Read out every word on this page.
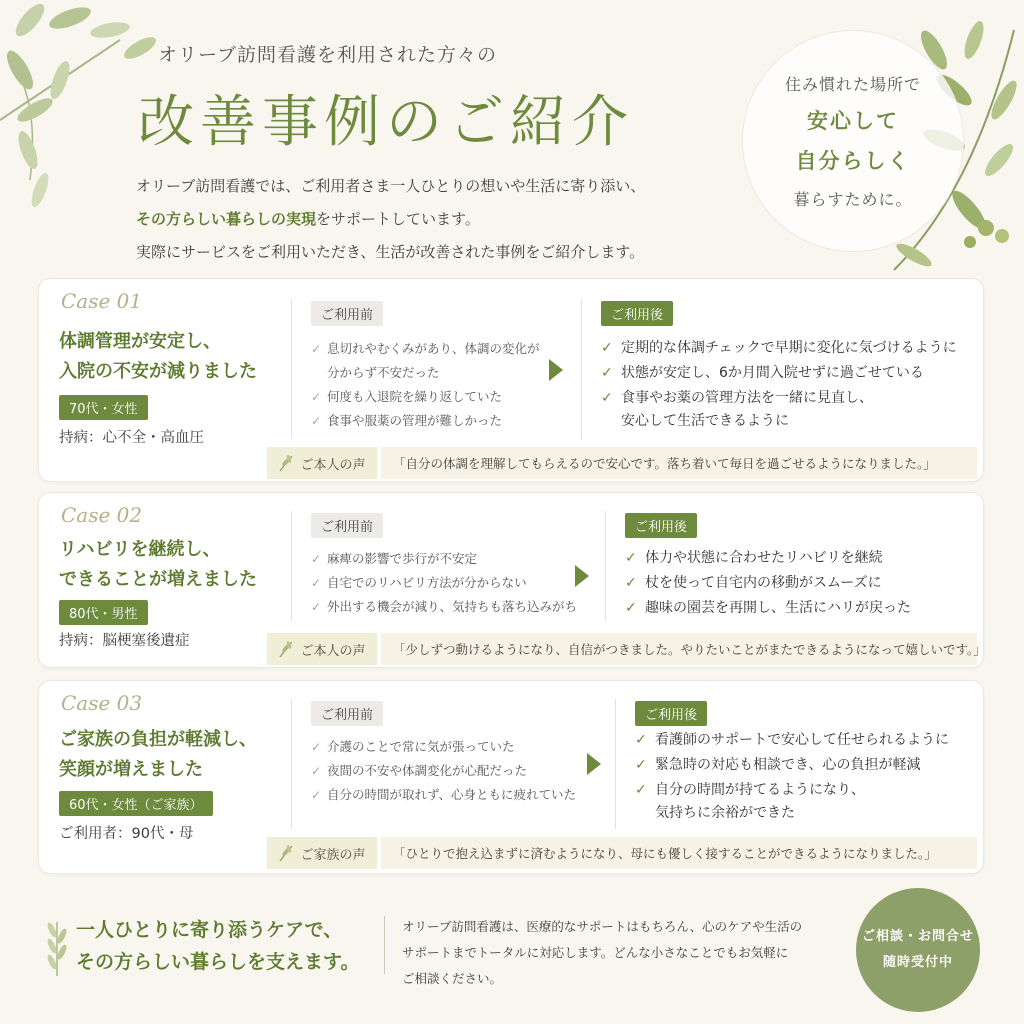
オリーブ訪問看護を利用された方々の
改善事例のご紹介
オリーブ訪問看護では、ご利用者さま一人ひとりの想いや生活に寄り添い、
その方らしい暮らしの実現をサポートしています。
実際にサービスをご利用いただき、生活が改善された事例をご紹介します。
住み慣れた場所で
安心して
自分らしく
暮らすために。
Case 01
体調管理が安定し、
入院の不安が減りました
70代・女性
持病：心不全・高血圧
ご利用前
✓ 息切れやむくみがあり、体調の変化が
分からず不安だった
✓ 何度も入退院を繰り返していた
✓ 食事や服薬の管理が難しかった
ご利用後
✓ 定期的な体調チェックで早期に変化に気づけるように
✓ 状態が安定し、6か月間入院せずに過ごせている
✓ 食事やお薬の管理方法を一緒に見直し、
安心して生活できるように
ご本人の声	「自分の体調を理解してもらえるので安心です。落ち着いて毎日を過ごせるようになりました。」
Case 02
リハビリを継続し、
できることが増えました
80代・男性
持病：脳梗塞後遺症
ご利用前
✓ 麻痺の影響で歩行が不安定
✓ 自宅でのリハビリ方法が分からない
✓ 外出する機会が減り、気持ちも落ち込みがち
ご利用後
✓ 体力や状態に合わせたリハビリを継続
✓ 杖を使って自宅内の移動がスムーズに
✓ 趣味の園芸を再開し、生活にハリが戻った
ご本人の声	「少しずつ動けるようになり、自信がつきました。やりたいことがまたできるようになって嬉しいです。」
Case 03
ご家族の負担が軽減し、
笑顔が増えました
60代・女性（ご家族）
ご利用者：90代・母
ご利用前
✓ 介護のことで常に気が張っていた
✓ 夜間の不安や体調変化が心配だった
✓ 自分の時間が取れず、心身ともに疲れていた
ご利用後
✓ 看護師のサポートで安心して任せられるように
✓ 緊急時の対応も相談でき、心の負担が軽減
✓ 自分の時間が持てるようになり、
気持ちに余裕ができた
ご家族の声	「ひとりで抱え込まずに済むようになり、母にも優しく接することができるようになりました。」
一人ひとりに寄り添うケアで、
その方らしい暮らしを支えます。
オリーブ訪問看護は、医療的なサポートはもちろん、心のケアや生活の
サポートまでトータルに対応します。どんな小さなことでもお気軽に
ご相談ください。
ご相談・お問合せ
随時受付中
